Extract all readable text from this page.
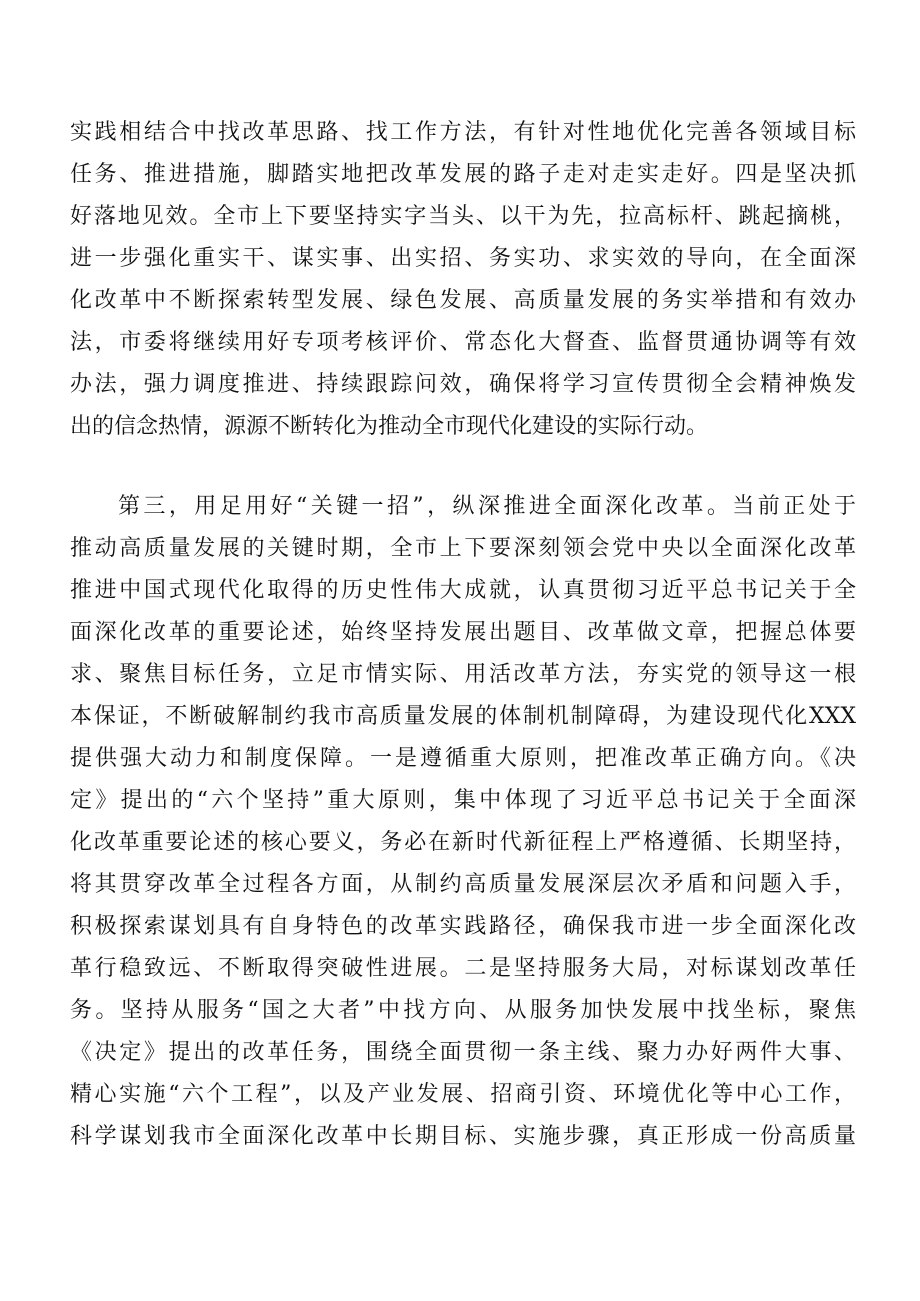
实践相结合中找改革思路、找工作方法，有针对性地优化完善各领域目标
任务、推进措施，脚踏实地把改革发展的路子走对走实走好。四是坚决抓
好落地见效。全市上下要坚持实字当头、以干为先，拉高标杆、跳起摘桃，
进一步强化重实干、谋实事、出实招、务实功、求实效的导向，在全面深
化改革中不断探索转型发展、绿色发展、高质量发展的务实举措和有效办
法，市委将继续用好专项考核评价、常态化大督查、监督贯通协调等有效
办法，强力调度推进、持续跟踪问效，确保将学习宣传贯彻全会精神焕发
出的信念热情，源源不断转化为推动全市现代化建设的实际行动。
第三，用足用好“关键一招”，纵深推进全面深化改革。当前正处于
推动高质量发展的关键时期，全市上下要深刻领会党中央以全面深化改革
推进中国式现代化取得的历史性伟大成就，认真贯彻习近平总书记关于全
面深化改革的重要论述，始终坚持发展出题目、改革做文章，把握总体要
求、聚焦目标任务，立足市情实际、用活改革方法，夯实党的领导这一根
本保证，不断破解制约我市高质量发展的体制机制障碍，为建设现代化XXX
提供强大动力和制度保障。一是遵循重大原则，把准改革正确方向。《决
定》提出的“六个坚持”重大原则，集中体现了习近平总书记关于全面深
化改革重要论述的核心要义，务必在新时代新征程上严格遵循、长期坚持，
将其贯穿改革全过程各方面，从制约高质量发展深层次矛盾和问题入手，
积极探索谋划具有自身特色的改革实践路径，确保我市进一步全面深化改
革行稳致远、不断取得突破性进展。二是坚持服务大局，对标谋划改革任
务。坚持从服务“国之大者”中找方向、从服务加快发展中找坐标，聚焦
《决定》提出的改革任务，围绕全面贯彻一条主线、聚力办好两件大事、
精心实施“六个工程”，以及产业发展、招商引资、环境优化等中心工作，
科学谋划我市全面深化改革中长期目标、实施步骤，真正形成一份高质量
